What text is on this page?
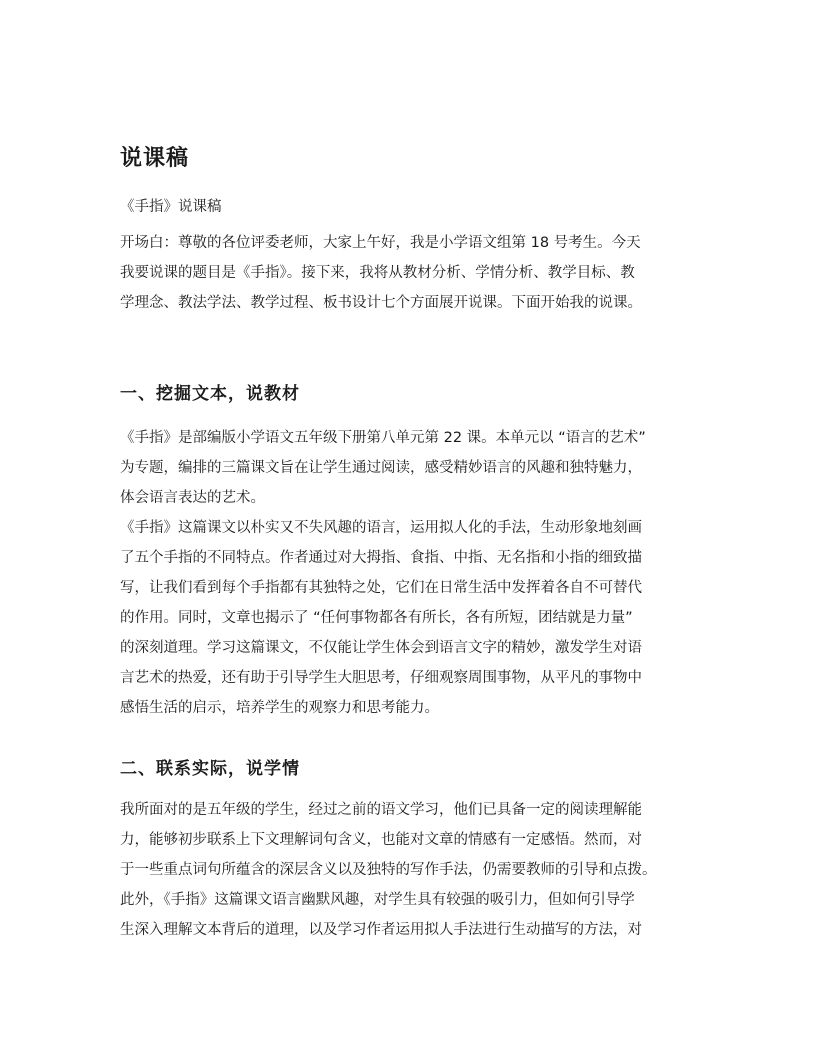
说课稿
《手指》说课稿
开场白：尊敬的各位评委老师，大家上午好，我是小学语文组第 18 号考生。今天
我要说课的题目是《手指》。接下来，我将从教材分析、学情分析、教学目标、教
学理念、教法学法、教学过程、板书设计七个方面展开说课。下面开始我的说课。
一、挖掘文本，说教材
《手指》是部编版小学语文五年级下册第八单元第 22 课。本单元以 “语言的艺术”
为专题，编排的三篇课文旨在让学生通过阅读，感受精妙语言的风趣和独特魅力，
体会语言表达的艺术。
《手指》这篇课文以朴实又不失风趣的语言，运用拟人化的手法，生动形象地刻画
了五个手指的不同特点。作者通过对大拇指、食指、中指、无名指和小指的细致描
写，让我们看到每个手指都有其独特之处，它们在日常生活中发挥着各自不可替代
的作用。同时，文章也揭示了 “任何事物都各有所长，各有所短，团结就是力量”
的深刻道理。学习这篇课文，不仅能让学生体会到语言文字的精妙，激发学生对语
言艺术的热爱，还有助于引导学生大胆思考，仔细观察周围事物，从平凡的事物中
感悟生活的启示，培养学生的观察力和思考能力。
二、联系实际，说学情
我所面对的是五年级的学生，经过之前的语文学习，他们已具备一定的阅读理解能
力，能够初步联系上下文理解词句含义，也能对文章的情感有一定感悟。然而，对
于一些重点词句所蕴含的深层含义以及独特的写作手法，仍需要教师的引导和点拨。
此外，《手指》这篇课文语言幽默风趣，对学生具有较强的吸引力，但如何引导学
生深入理解文本背后的道理，以及学习作者运用拟人手法进行生动描写的方法，对
